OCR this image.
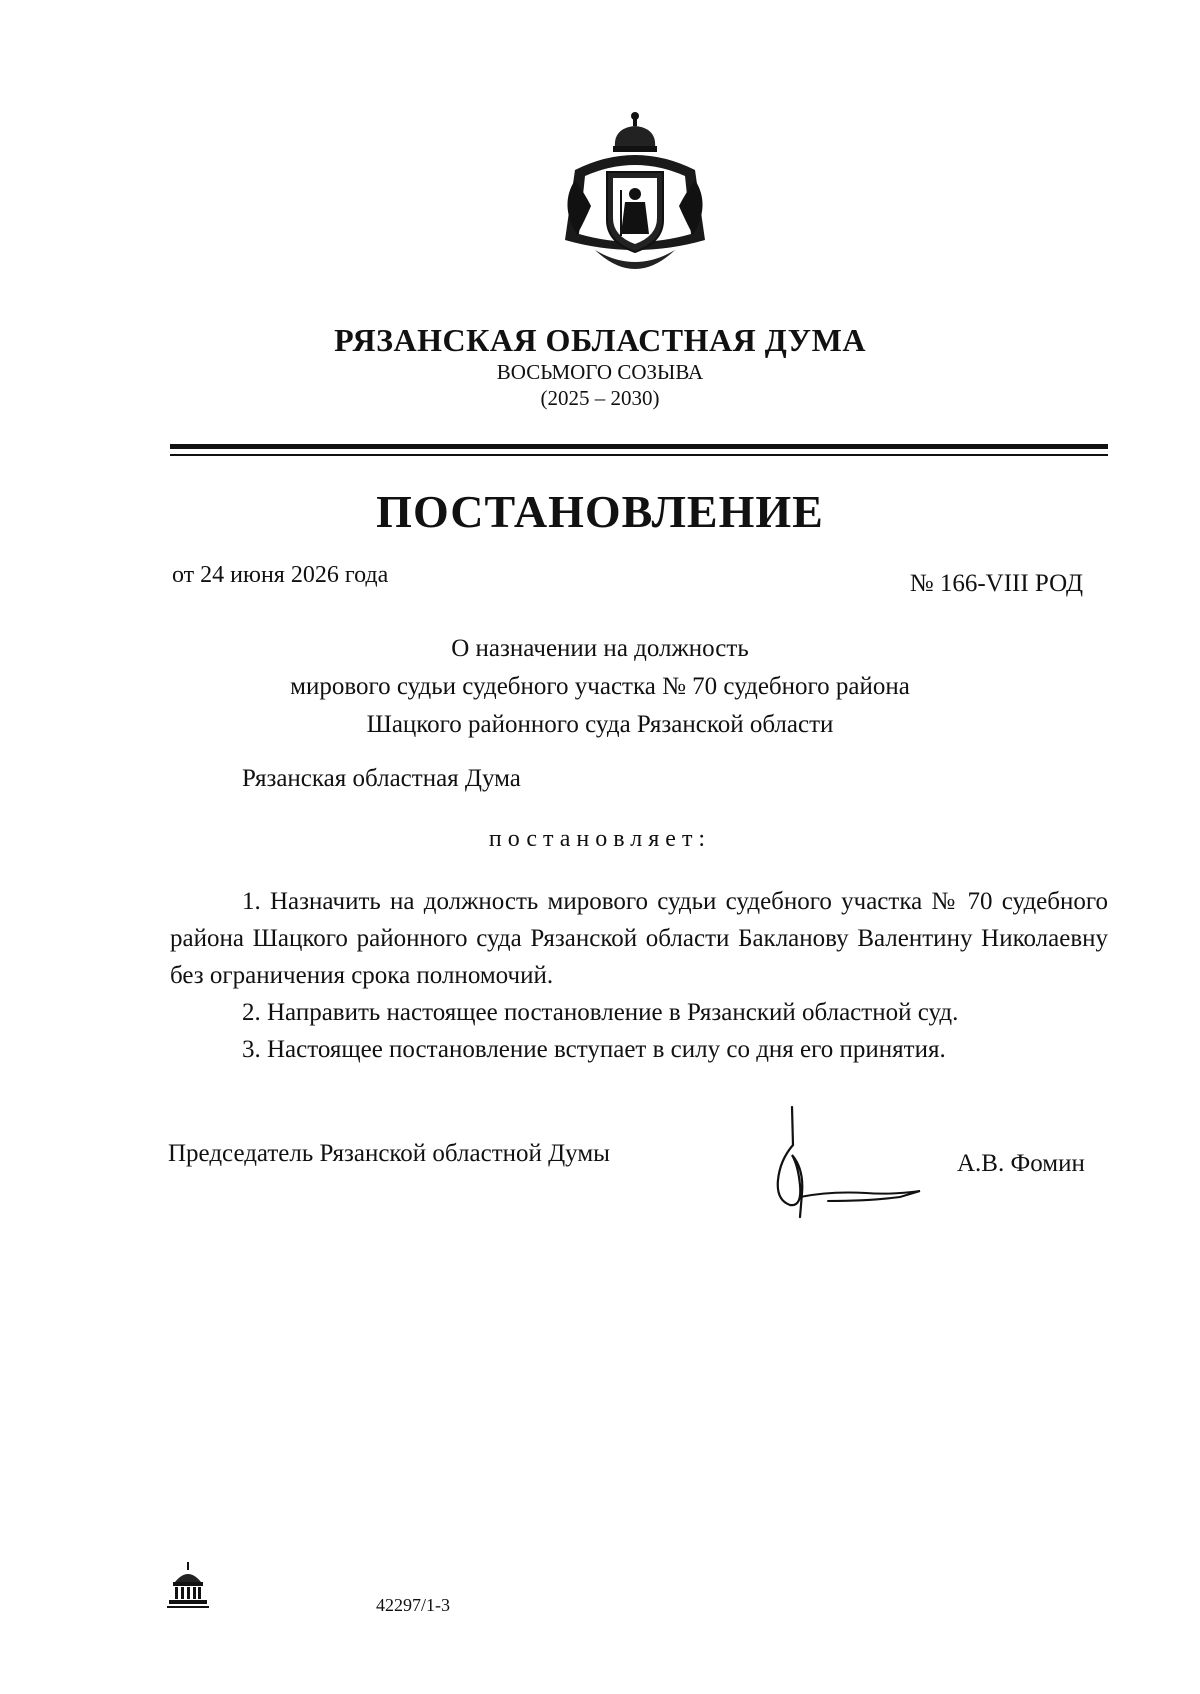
РЯЗАНСКАЯ ОБЛАСТНАЯ ДУМА
ВОСЬМОГО СОЗЫВА
(2025 – 2030)
ПОСТАНОВЛЕНИЕ
от 24 июня 2026 года	№ 166-VIII РОД
О назначении на должность
мирового судьи судебного участка № 70 судебного района
Шацкого районного суда Рязанской области
Рязанская областная Дума
постановляет:
1. Назначить на должность мирового судьи судебного участка № 70 судебного района Шацкого районного суда Рязанской области Бакланову Валентину Николаевну без ограничения срока полномочий.
2. Направить настоящее постановление в Рязанский областной суд.
3. Настоящее постановление вступает в силу со дня его принятия.
Председатель Рязанской областной Думы	А.В. Фомин
42297/1-3
